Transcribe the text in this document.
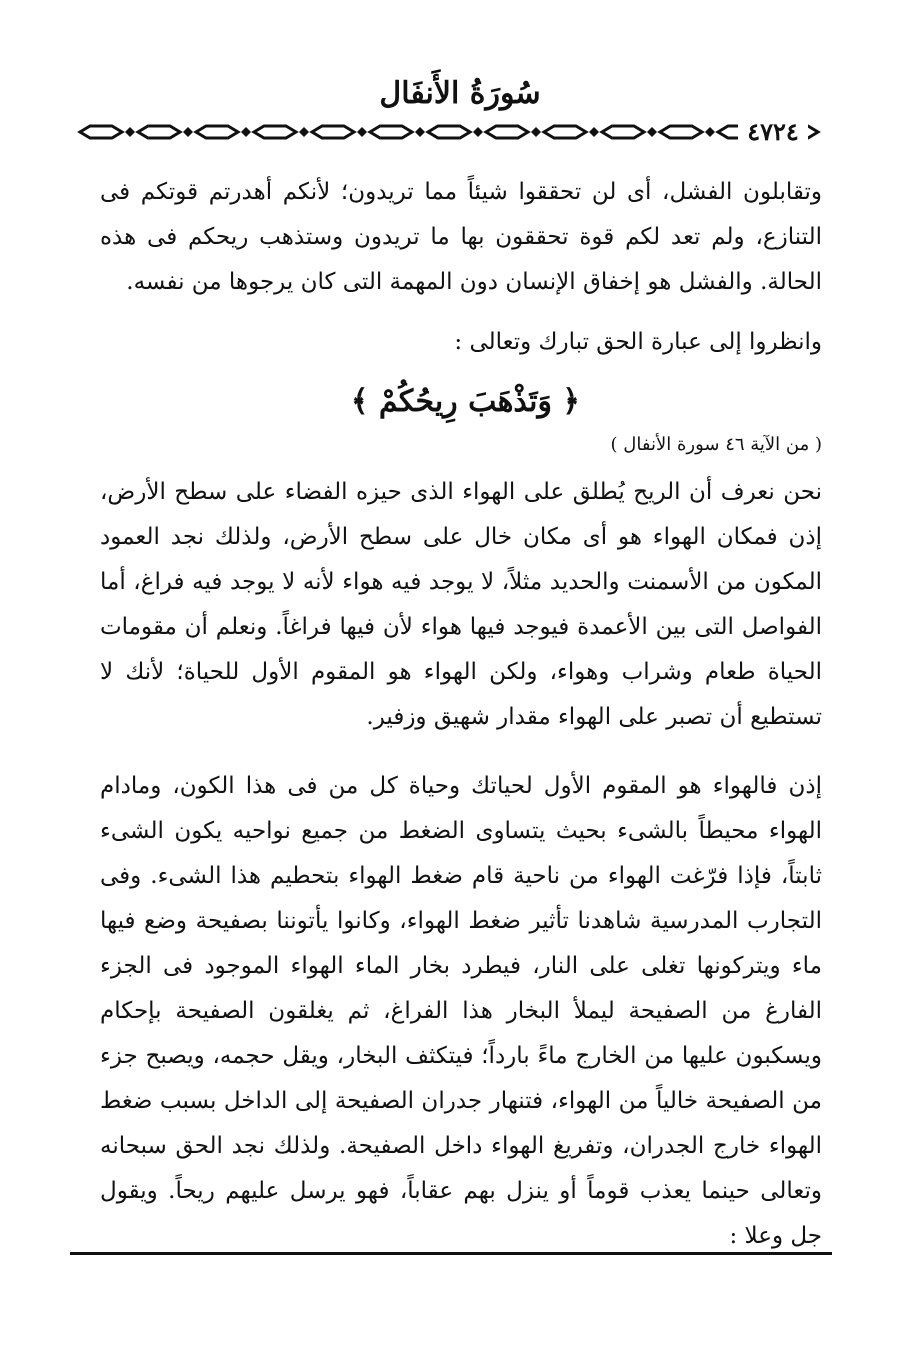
سُورَةُ الأَنفَال
٤٧٢٤
وتقابلون الفشل، أى لن تحققوا شيئاً مما تريدون؛ لأنكم أهدرتم قوتكم فى التنازع، ولم تعد لكم قوة تحققون بها ما تريدون وستذهب ريحكم فى هذه الحالة. والفشل هو إخفاق الإنسان دون المهمة التى كان يرجوها من نفسه.
وانظروا إلى عبارة الحق تبارك وتعالى :
﴿ وَتَذْهَبَ رِيحُكُمْ ﴾
( من الآية ٤٦ سورة الأنفال )
نحن نعرف أن الريح يُطلق على الهواء الذى حيزه الفضاء على سطح الأرض، إذن فمكان الهواء هو أى مكان خال على سطح الأرض، ولذلك نجد العمود المكون من الأسمنت والحديد مثلاً، لا يوجد فيه هواء لأنه لا يوجد فيه فراغ، أما الفواصل التى بين الأعمدة فيوجد فيها هواء لأن فيها فراغاً. ونعلم أن مقومات الحياة طعام وشراب وهواء، ولكن الهواء هو المقوم الأول للحياة؛ لأنك لا تستطيع أن تصبر على الهواء مقدار شهيق وزفير.
إذن فالهواء هو المقوم الأول لحياتك وحياة كل من فى هذا الكون، ومادام الهواء محيطاً بالشىء بحيث يتساوى الضغط من جميع نواحيه يكون الشىء ثابتاً، فإذا فرّغت الهواء من ناحية قام ضغط الهواء بتحطيم هذا الشىء. وفى التجارب المدرسية شاهدنا تأثير ضغط الهواء، وكانوا يأتوننا بصفيحة وضع فيها ماء ويتركونها تغلى على النار، فيطرد بخار الماء الهواء الموجود فى الجزء الفارغ من الصفيحة ليملأ البخار هذا الفراغ، ثم يغلقون الصفيحة بإحكام ويسكبون عليها من الخارج ماءً بارداً؛ فيتكثف البخار، ويقل حجمه، ويصبح جزء من الصفيحة خالياً من الهواء، فتنهار جدران الصفيحة إلى الداخل بسبب ضغط الهواء خارج الجدران، وتفريغ الهواء داخل الصفيحة. ولذلك نجد الحق سبحانه وتعالى حينما يعذب قوماً أو ينزل بهم عقاباً، فهو يرسل عليهم ريحاً. ويقول جل وعلا :
